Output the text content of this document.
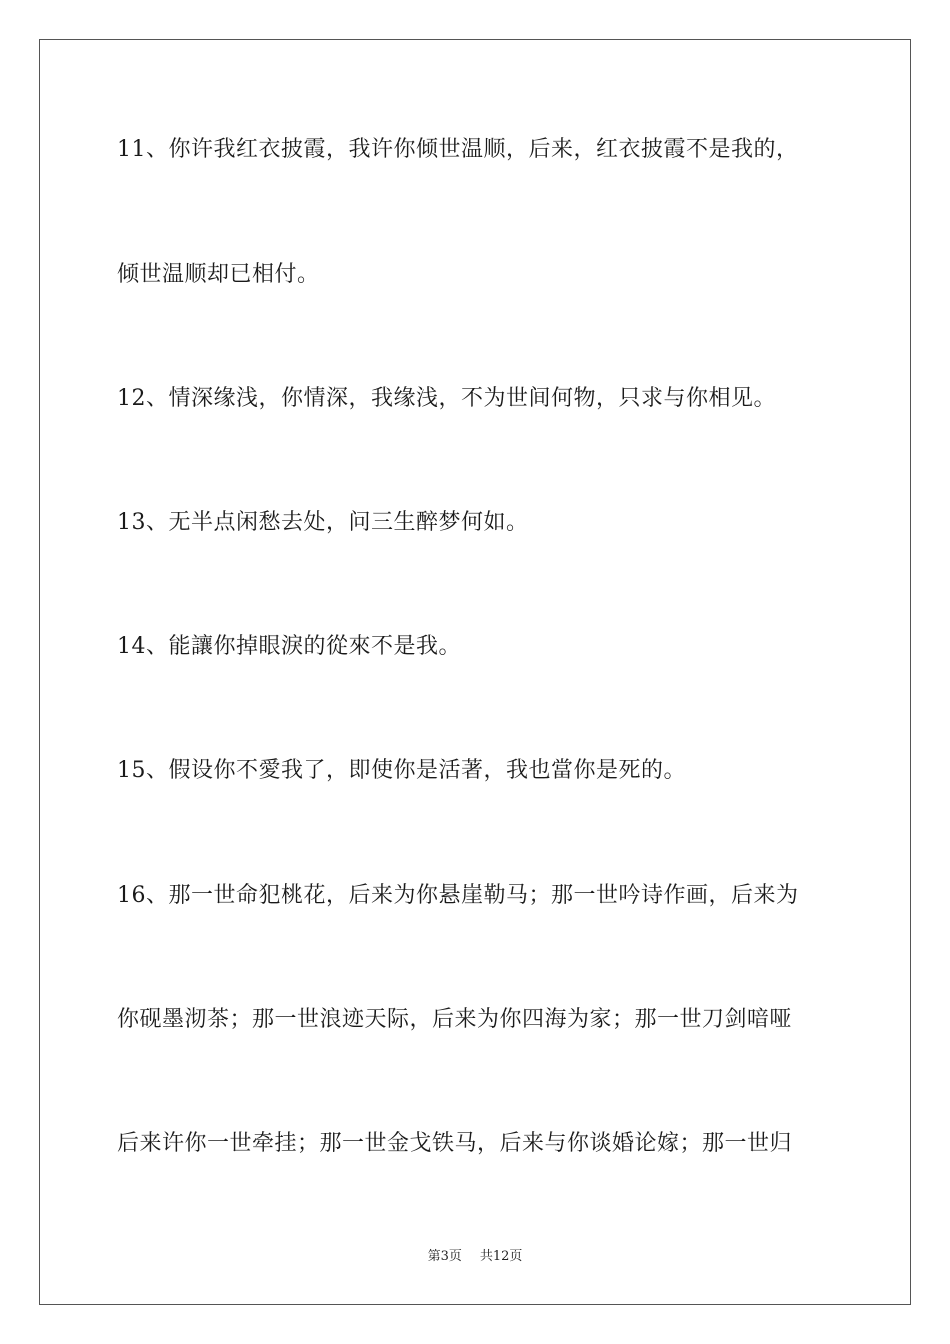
11、你许我红衣披霞，我许你倾世温顺，后来，红衣披霞不是我的，
倾世温顺却已相付。
12、情深缘浅，你情深，我缘浅，不为世间何物，只求与你相见。
13、无半点闲愁去处，问三生醉梦何如。
14、能讓你掉眼淚的從來不是我。
15、假设你不愛我了，即使你是活著，我也當你是死的。
16、那一世命犯桃花，后来为你悬崖勒马；那一世吟诗作画，后来为
你砚墨沏茶；那一世浪迹天际，后来为你四海为家；那一世刀剑喑哑
后来许你一世牵挂；那一世金戈铁马，后来与你谈婚论嫁；那一世归
第3页 共12页
